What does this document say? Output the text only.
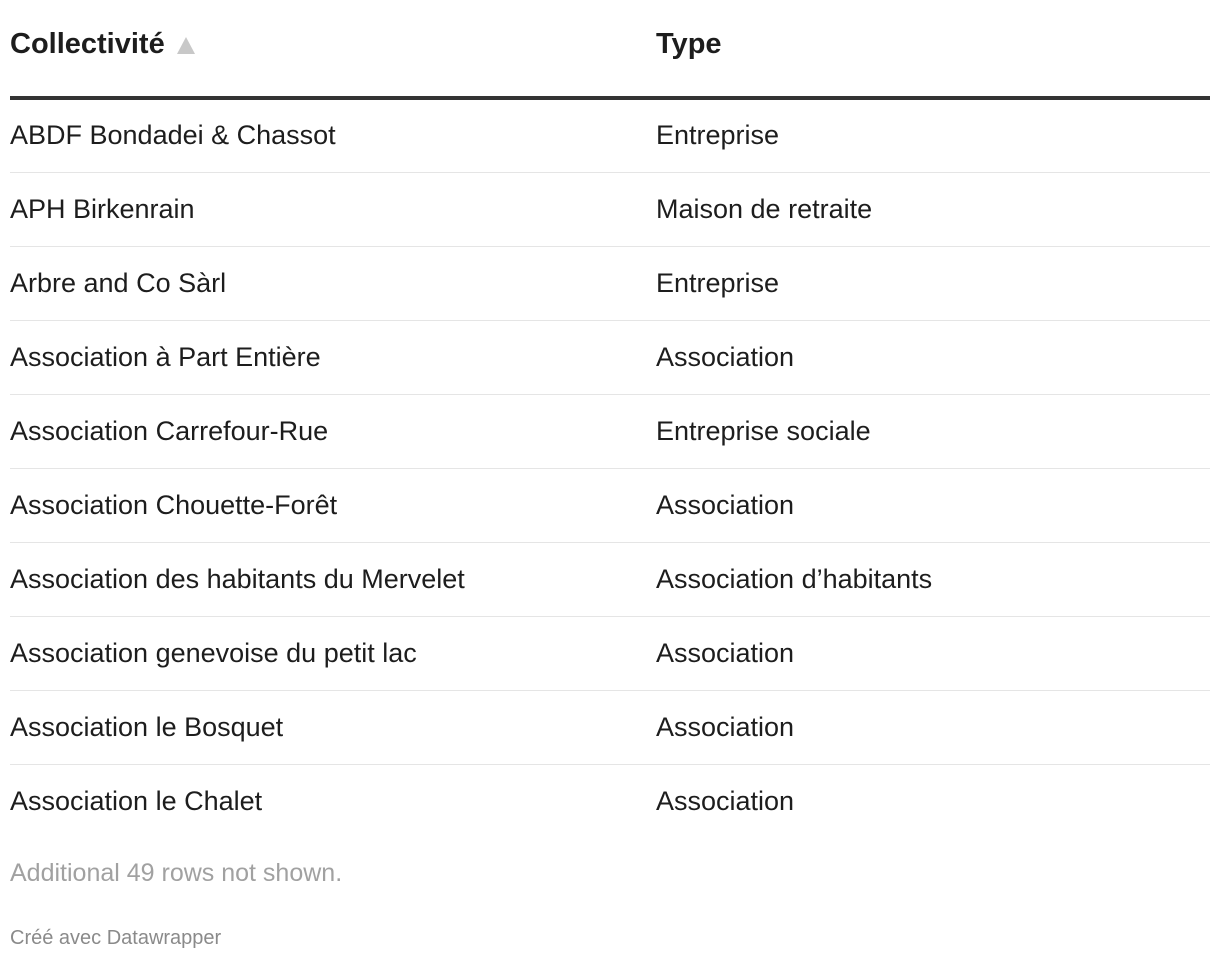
Collectivité	Type

ABDF Bondadei & Chassot	Entreprise
APH Birkenrain	Maison de retraite
Arbre and Co Sàrl	Entreprise
Association à Part Entière	Association
Association Carrefour-Rue	Entreprise sociale
Association Chouette-Forêt	Association
Association des habitants du Mervelet	Association d’habitants
Association genevoise du petit lac	Association
Association le Bosquet	Association
Association le Chalet	Association
Additional 49 rows not shown.
Créé avec Datawrapper
